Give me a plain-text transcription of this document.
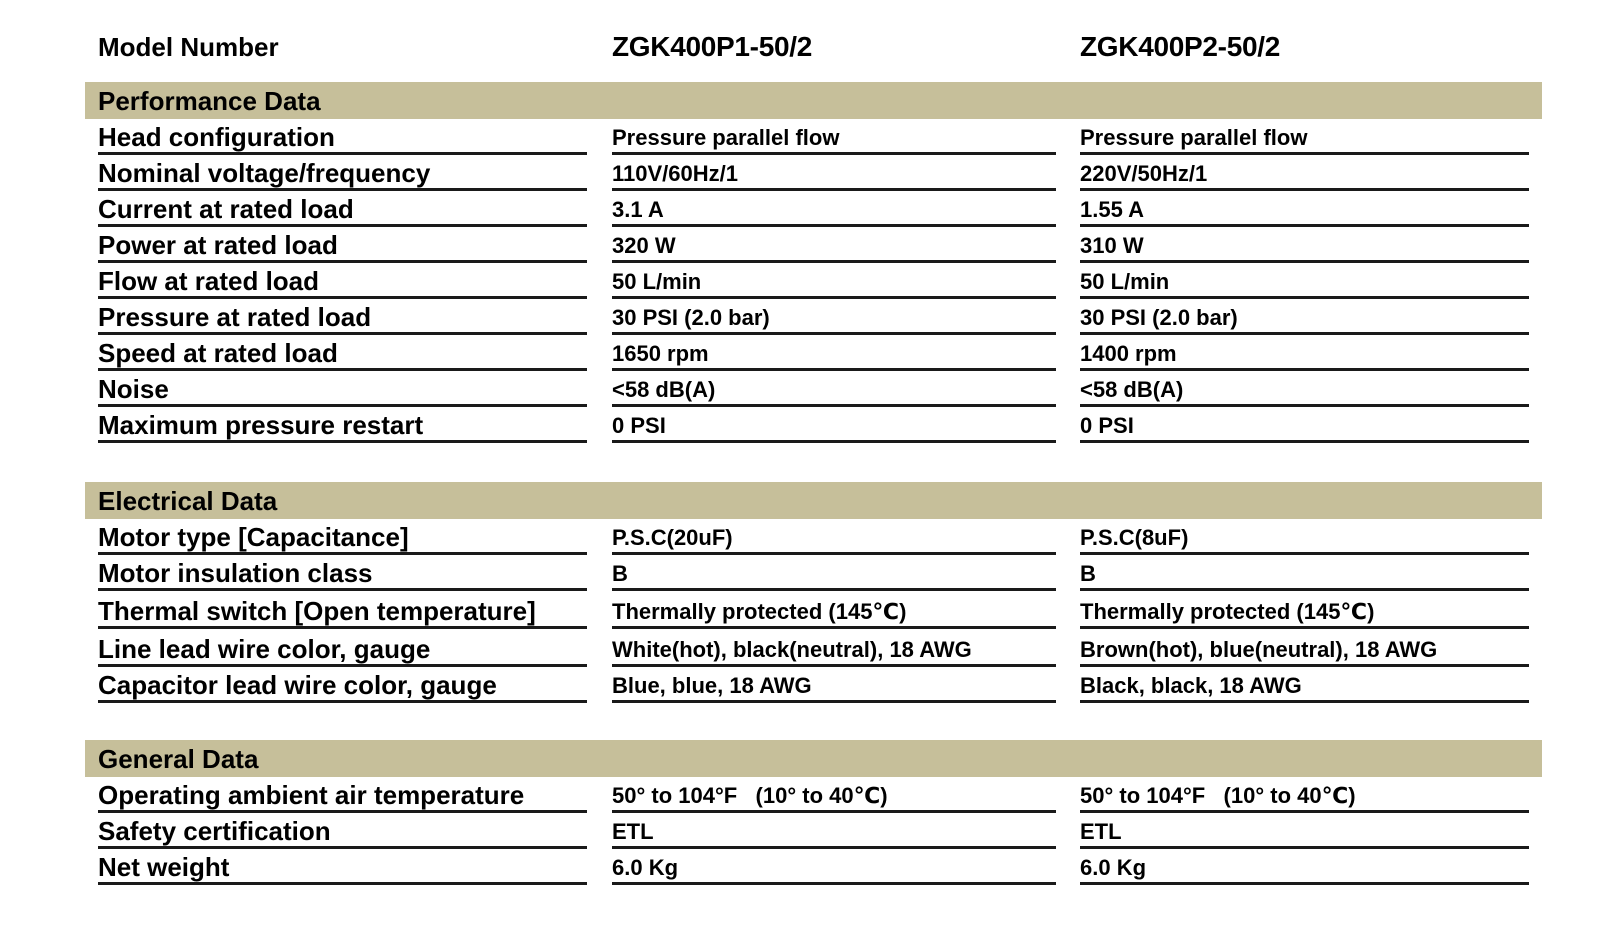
Model Number	ZGK400P1-50/2	ZGK400P2-50/2
Performance Data
Head configuration	Pressure parallel flow	Pressure parallel flow
Nominal voltage/frequency	110V/60Hz/1	220V/50Hz/1
Current at rated load	3.1 A	1.55 A
Power at rated load	320 W	310 W
Flow at rated load	50 L/min	50 L/min
Pressure at rated load	30 PSI (2.0 bar)	30 PSI (2.0 bar)
Speed at rated load	1650 rpm	1400 rpm
Noise	<58 dB(A)	<58 dB(A)
Maximum pressure restart	0 PSI	0 PSI
Electrical Data
Motor type [Capacitance]	P.S.C(20uF)	P.S.C(8uF)
Motor insulation class	B	B
Thermal switch [Open temperature]	Thermally protected (145℃)	Thermally protected (145℃)
Line lead wire color, gauge	White(hot), black(neutral), 18 AWG	Brown(hot), blue(neutral), 18 AWG
Capacitor lead wire color, gauge	Blue, blue, 18 AWG	Black, black, 18 AWG
General Data
Operating ambient air temperature	50° to 104°F   (10° to 40℃)	50° to 104°F   (10° to 40℃)
Safety certification	ETL	ETL
Net weight	6.0 Kg	6.0 Kg
